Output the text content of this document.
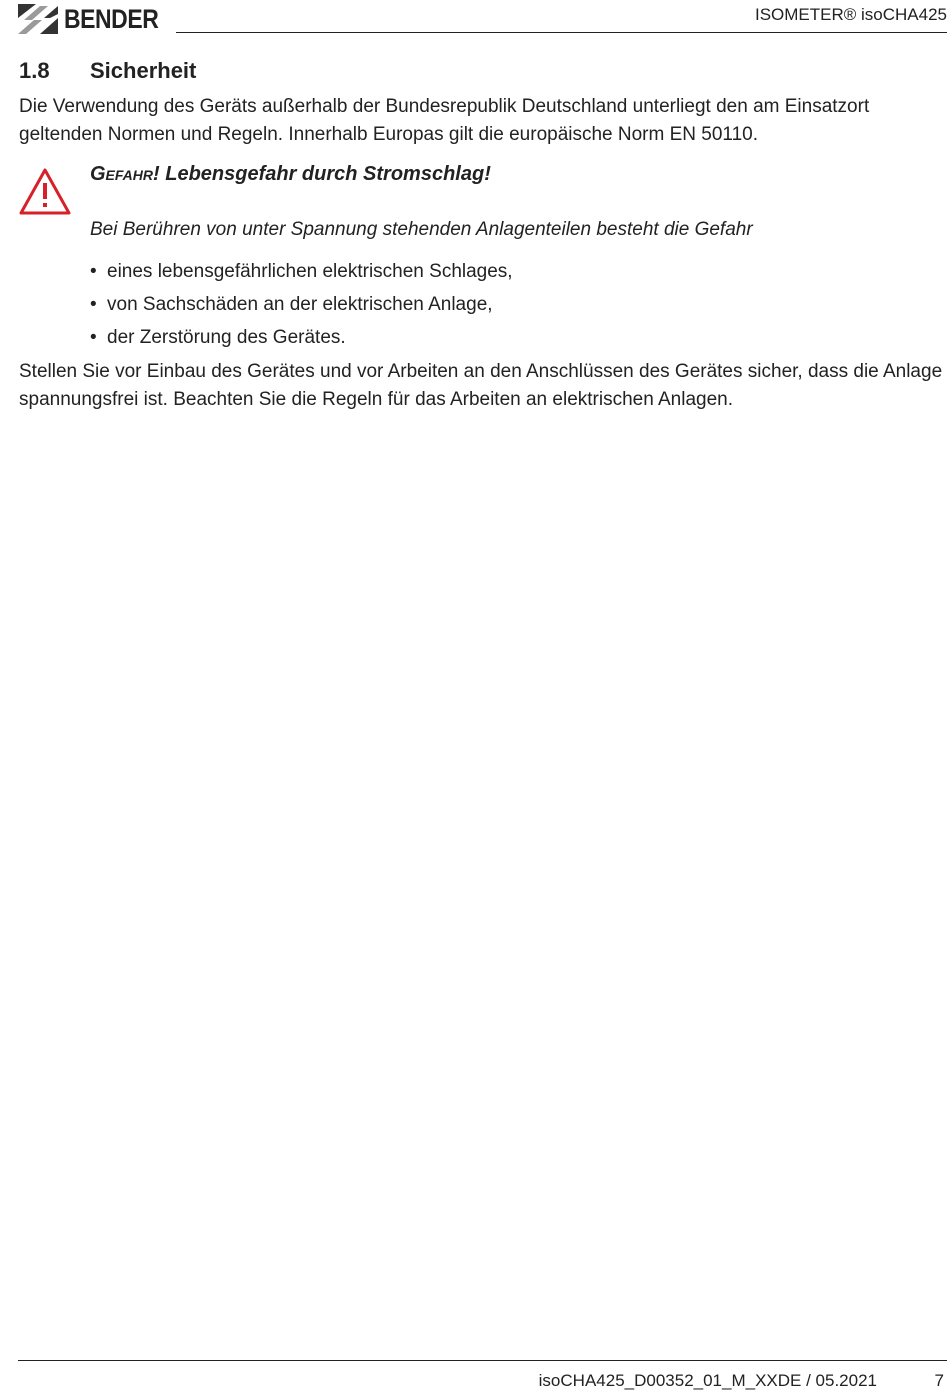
BENDER	ISOMETER® isoCHA425
1.8	Sicherheit
Die Verwendung des Geräts außerhalb der Bundesrepublik Deutschland unterliegt den am Einsatzort geltenden Normen und Regeln. Innerhalb Europas gilt die europäische Norm EN 50110.
Gefahr! Lebensgefahr durch Stromschlag!
Bei Berühren von unter Spannung stehenden Anlagenteilen besteht die Gefahr
• eines lebensgefährlichen elektrischen Schlages,
• von Sachschäden an der elektrischen Anlage,
• der Zerstörung des Gerätes.
Stellen Sie vor Einbau des Gerätes und vor Arbeiten an den Anschlüssen des Gerätes sicher, dass die Anlage spannungsfrei ist. Beachten Sie die Regeln für das Arbeiten an elektrischen Anlagen.
isoCHA425_D00352_01_M_XXDE / 05.2021	7
